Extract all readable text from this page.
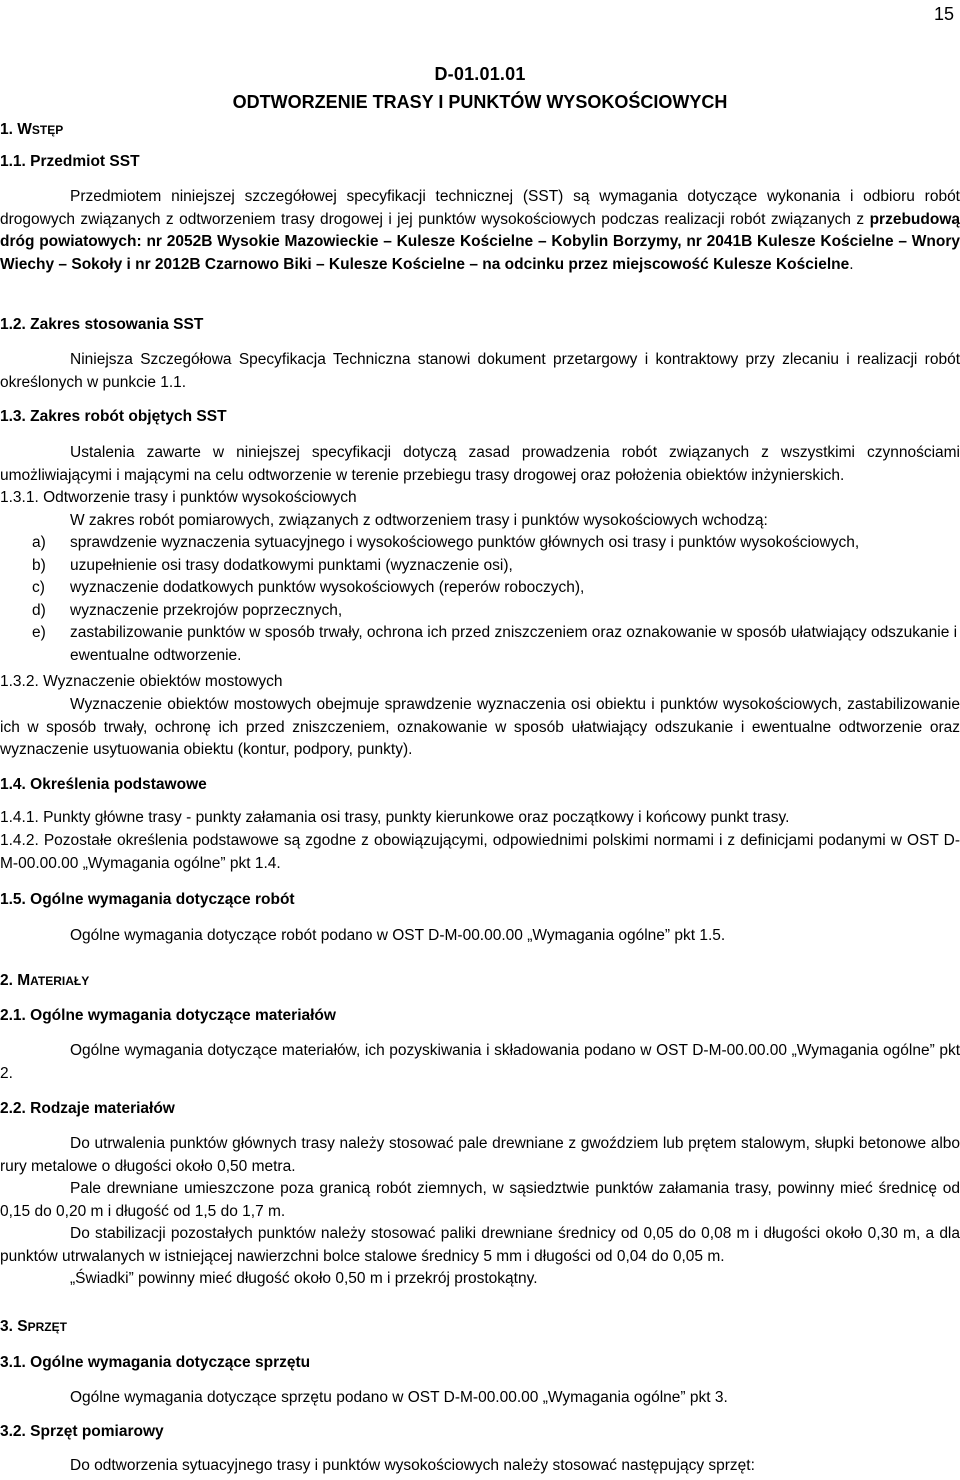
15
D-01.01.01
ODTWORZENIE TRASY I PUNKTÓW WYSOKOŚCIOWYCH
1. WSTĘP
1.1. Przedmiot SST

Przedmiotem niniejszej szczegółowej specyfikacji technicznej (SST) są wymagania dotyczące wykonania i odbioru robót drogowych związanych z odtworzeniem trasy drogowej i jej punktów wysokościowych podczas realizacji robót związanych z przebudową dróg powiatowych: nr 2052B Wysokie Mazowieckie – Kulesze Kościelne – Kobylin Borzymy, nr 2041B Kulesze Kościelne – Wnory Wiechy – Sokoły i nr 2012B Czarnowo Biki – Kulesze Kościelne – na odcinku przez miejscowość Kulesze Kościelne.

1.2. Zakres stosowania SST

Niniejsza Szczegółowa Specyfikacja Techniczna stanowi dokument przetargowy i kontraktowy przy zlecaniu i realizacji robót określonych w punkcie 1.1.

1.3. Zakres robót objętych SST

Ustalenia zawarte w niniejszej specyfikacji dotyczą zasad prowadzenia robót związanych z wszystkimi czynnościami umożliwiającymi i mającymi na celu odtworzenie w terenie przebiegu trasy drogowej oraz położenia obiektów inżynierskich.

1.3.1. Odtworzenie trasy i punktów wysokościowych
W zakres robót pomiarowych, związanych z odtworzeniem trasy i punktów wysokościowych wchodzą:
a) sprawdzenie wyznaczenia sytuacyjnego i wysokościowego punktów głównych osi trasy i punktów wysokościowych,
b) uzupełnienie osi trasy dodatkowymi punktami (wyznaczenie osi),
c) wyznaczenie dodatkowych punktów wysokościowych (reperów roboczych),
d) wyznaczenie przekrojów poprzecznych,
e) zastabilizowanie punktów w sposób trwały, ochrona ich przed zniszczeniem oraz oznakowanie w sposób ułatwiający odszukanie i ewentualne odtworzenie.
1.3.2. Wyznaczenie obiektów mostowych

Wyznaczenie obiektów mostowych obejmuje sprawdzenie wyznaczenia osi obiektu i punktów wysokościowych, zastabilizowanie ich w sposób trwały, ochronę ich przed zniszczeniem, oznakowanie w sposób ułatwiający odszukanie i ewentualne odtworzenie oraz wyznaczenie usytuowania obiektu (kontur, podpory, punkty).

1.4. Określenia podstawowe

1.4.1. Punkty główne trasy - punkty załamania osi trasy, punkty kierunkowe oraz początkowy i końcowy punkt trasy.

1.4.2. Pozostałe określenia podstawowe są zgodne z obowiązującymi, odpowiednimi polskimi normami i z definicjami podanymi w OST D-M-00.00.00 „Wymagania ogólne” pkt 1.4.

1.5. Ogólne wymagania dotyczące robót

Ogólne wymagania dotyczące robót podano w OST D-M-00.00.00 „Wymagania ogólne” pkt 1.5.

2. MATERIAŁY
2.1. Ogólne wymagania dotyczące materiałów

Ogólne wymagania dotyczące materiałów, ich pozyskiwania i składowania podano w OST D-M-00.00.00 „Wymagania ogólne” pkt 2.

2.2. Rodzaje materiałów

Do utrwalenia punktów głównych trasy należy stosować pale drewniane z gwoździem lub prętem stalowym, słupki betonowe albo rury metalowe o długości około 0,50 metra.

Pale drewniane umieszczone poza granicą robót ziemnych, w sąsiedztwie punktów załamania trasy, powinny mieć średnicę od 0,15 do 0,20 m i długość od 1,5 do 1,7 m.

Do stabilizacji pozostałych punktów należy stosować paliki drewniane średnicy od 0,05 do 0,08 m i długości około 0,30 m, a dla punktów utrwalanych w istniejącej nawierzchni bolce stalowe średnicy 5 mm i długości od 0,04 do 0,05 m.

„Świadki” powinny mieć długość około 0,50 m i przekrój prostokątny.

3. SPRZĘT
3.1. Ogólne wymagania dotyczące sprzętu

Ogólne wymagania dotyczące sprzętu podano w OST D-M-00.00.00 „Wymagania ogólne” pkt 3.

3.2. Sprzęt pomiarowy

Do odtworzenia sytuacyjnego trasy i punktów wysokościowych należy stosować następujący sprzęt:
